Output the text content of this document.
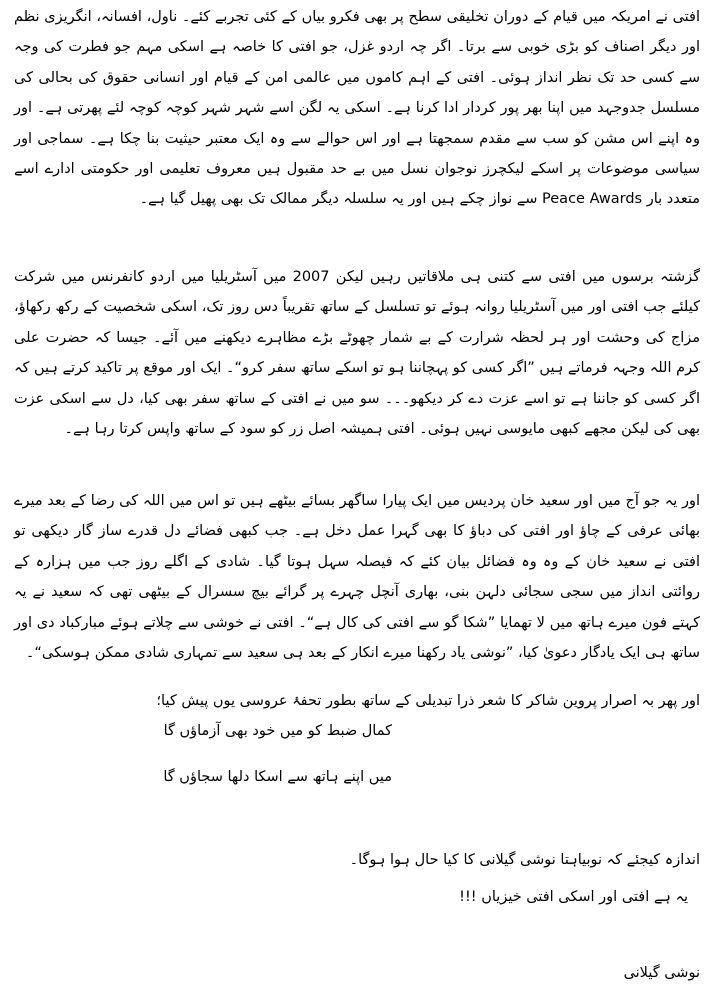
افتی نے امریکہ میں قیام کے دوران تخلیقی سطح پر بھی فکرو بیاں کے کئی تجربے کئے۔ ناول، افسانہ، انگریزی نظم اور دیگر اصناف کو بڑی خوبی سے برتا۔ اگر چہ اردو غزل، جو افتی کا خاصہ ہے اسکی مہم جو فطرت کی وجہ سے کسی حد تک نظر انداز ہوئی۔ افتی کے اہم کاموں میں عالمی امن کے قیام اور انسانی حقوق کی بحالی کی مسلسل جدوجہد میں اپنا بھر پور کردار ادا کرنا ہے۔ اسکی یہ لگن اسے شہر شہر کوچہ کوچہ لئے پھرتی ہے۔ اور وہ اپنے اس مشن کو سب سے مقدم سمجھتا ہے اور اس حوالے سے وہ ایک معتبر حیثیت بنا چکا ہے۔ سماجی اور سیاسی موضوعات پر اسکے لیکچرز نوجوان نسل میں بے حد مقبول ہیں معروف تعلیمی اور حکومتی ادارے اسے متعدد بار Peace Awards سے نواز چکے ہیں اور یہ سلسلہ دیگر ممالک تک بھی پھیل گیا ہے۔

گزشتہ برسوں میں افتی سے کتنی ہی ملاقاتیں رہیں لیکن 2007 میں آسٹریلیا میں اردو کانفرنس میں شرکت کیلئے جب افتی اور میں آسٹریلیا روانہ ہوئے تو تسلسل کے ساتھ تقریباً دس روز تک، اسکی شخصیت کے رکھ رکھاؤ، مزاج کی وحشت اور ہر لحظہ شرارت کے بے شمار چھوٹے بڑے مظاہرے دیکھنے میں آئے۔ جیسا کہ حضرت علی کرم اللہ وجہہ فرماتے ہیں ”اگر کسی کو پہچاننا ہو تو اسکے ساتھ سفر کرو“۔ ایک اور موقع پر تاکید کرتے ہیں کہ اگر کسی کو جاننا ہے تو اسے عزت دے کر دیکھو۔۔۔ سو میں نے افتی کے ساتھ سفر بھی کیا، دل سے اسکی عزت بھی کی لیکن مجھے کبھی مایوسی نہیں ہوئی۔ افتی ہمیشہ اصل زر کو سود کے ساتھ واپس کرتا رہا ہے۔

اور یہ جو آج میں اور سعید خان پردیس میں ایک پیارا ساگھر بسائے بیٹھے ہیں تو اس میں اللہ کی رضا کے بعد میرے بھائی عرفی کے چاؤ اور افتی کی دباؤ کا بھی گہرا عمل دخل ہے۔ جب کبھی فضائے دل قدرے ساز گار دیکھی تو افتی نے سعید خان کے وہ وہ فضائل بیان کئے کہ فیصلہ سہل ہوتا گیا۔ شادی کے اگلے روز جب میں ہزارہ کے روائتی انداز میں سجی سجائی دلہن بنی، بھاری آنچل چہرے پر گرائے بیچ سسرال کے بیٹھی تھی کہ سعید نے یہ کہتے فون میرے ہاتھ میں لا تھمایا ”شکا گو سے افتی کی کال ہے“۔ افتی نے خوشی سے چلاتے ہوئے مبارکباد دی اور ساتھ ہی ایک یادگار دعویٰ کیا، ”نوشی یاد رکھنا میرے انکار کے بعد ہی سعید سے تمہاری شادی ممکن ہوسکی“۔

اور پھر بہ اصرار پروین شاکر کا شعر ذرا تبدیلی کے ساتھ بطور تحفۂ عروسی یوں پیش کیا؛
کمال ضبط کو میں خود بھی آزماؤں گا
میں اپنے ہاتھ سے اسکا دلھا سجاؤں گا
اندازہ کیجئے کہ نوبیاہتا نوشی گیلانی کا کیا حال ہوا ہوگا۔
یہ ہے افتی اور اسکی افتی خیزیاں !!!
نوشی گیلانی
